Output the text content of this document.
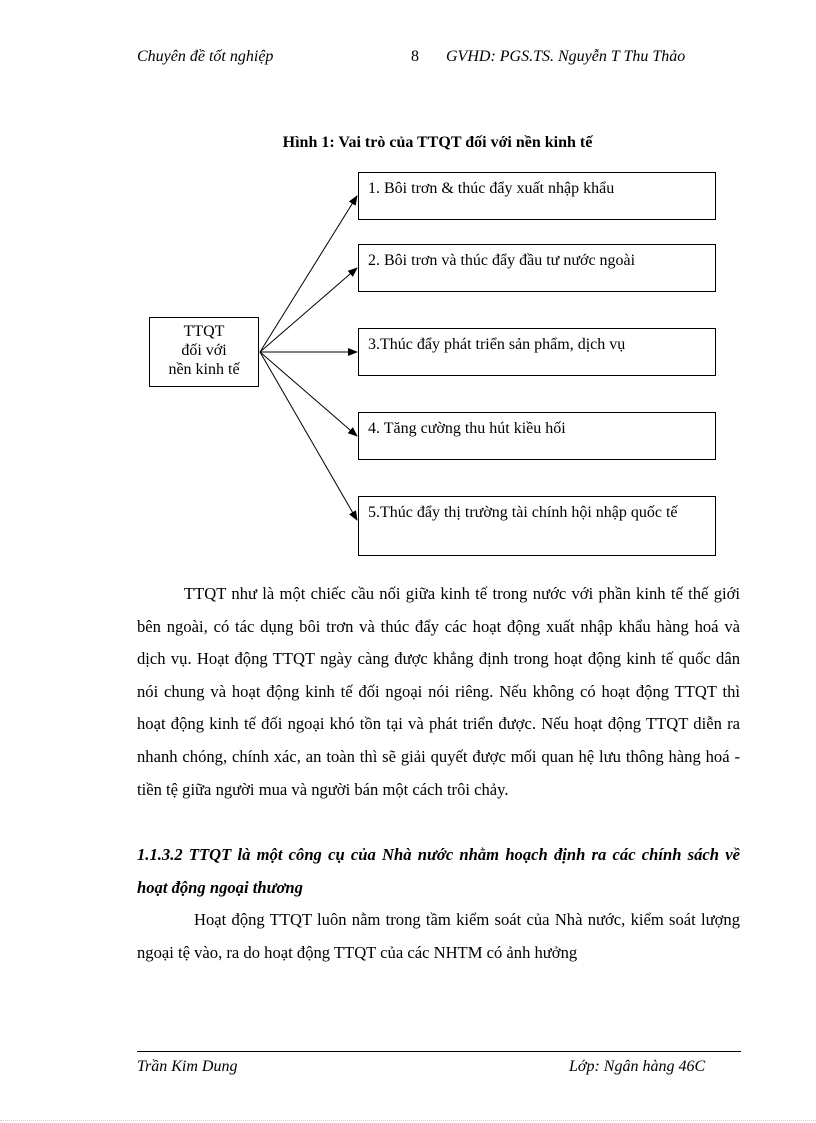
Chuyên đề tốt nghiệp	8 GVHD: PGS.TS. Nguyễn T Thu Thảo
Hình 1: Vai trò của TTQT đối với nền kinh tế
TTQT
đối với
nền kinh tế
1. Bôi trơn & thúc đẩy xuất nhập khẩu
2. Bôi trơn và thúc đẩy đầu tư nước ngoài
3.Thúc đẩy phát triển sản phẩm, dịch vụ
4. Tăng cường thu hút kiều hối
5.Thúc đẩy thị trường tài chính hội nhập quốc tế

TTQT như là một chiếc cầu nối giữa kinh tế trong nước với phần kinh tế thế giới bên ngoài, có tác dụng bôi trơn và thúc đẩy các hoạt động xuất nhập khẩu hàng hoá và dịch vụ. Hoạt động TTQT ngày càng được khẳng định trong hoạt động kinh tế quốc dân nói chung và hoạt động kinh tế đối ngoại nói riêng. Nếu không có hoạt động TTQT thì hoạt động kinh tế đối ngoại khó tồn tại và phát triển được. Nếu hoạt động TTQT diễn ra nhanh chóng, chính xác, an toàn thì sẽ giải quyết được mối quan hệ lưu thông hàng hoá - tiền tệ giữa người mua và người bán một cách trôi chảy.

1.1.3.2 TTQT là một công cụ của Nhà nước nhằm hoạch định ra các chính sách về hoạt động ngoại thương

Hoạt động TTQT luôn nằm trong tầm kiểm soát của Nhà nước, kiểm soát lượng ngoại tệ vào, ra do hoạt động TTQT của các NHTM có ảnh hưởng

Trần Kim Dung	Lớp: Ngân hàng 46C
